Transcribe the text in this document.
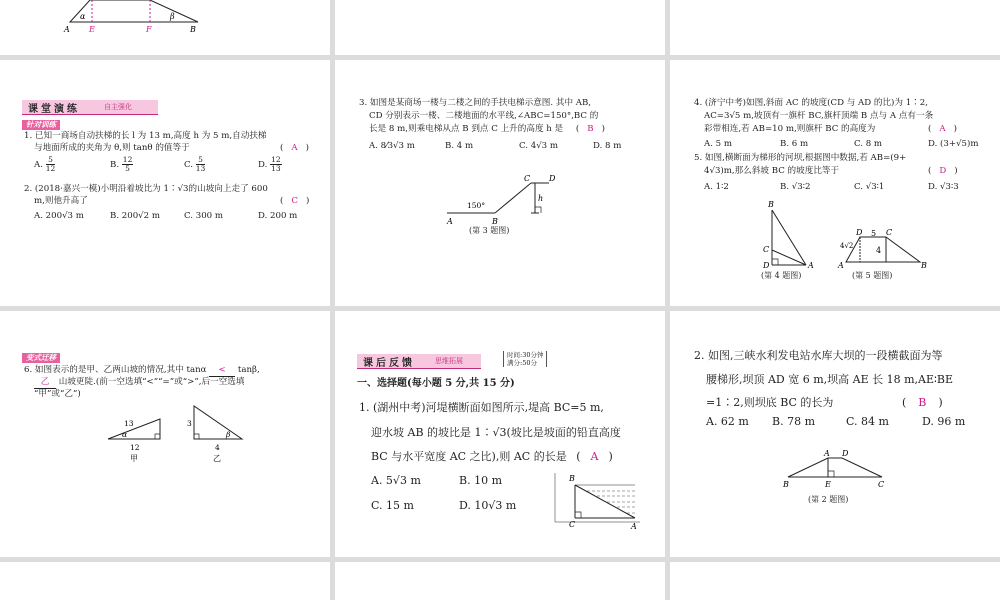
α	β
A E	F	B
课堂演练	自主强化
针对训练
1. 已知一商场自动扶梯的长 l 为 13 m,高度 h 为 5 m,自动扶梯
与地面所成的夹角为 θ,则 tanθ 的值等于	( A )
A. $\frac{5}{12}$	B. $\frac{12}{5}$	C. $\frac{5}{13}$	D. $\frac{12}{13}$
2. (2018·嘉兴一模)小明沿着坡比为 1∶√3的山坡向上走了 600
m,则他升高了	( C )
A. 200√3 m	B. 200√2 m	C. 300 m	D. 200 m
3. 如图是某商场一楼与二楼之间的手扶电梯示意图. 其中 AB,
CD 分别表示一楼、二楼地面的水平线,∠ABC=150°,BC 的
长是 8 m,则乘电梯从点 B 到点 C 上升的高度 h 是 ( B )
A. 8⁄3√3 m	B. 4 m	C. 4√3 m	D. 8 m
150°
A	B
C D
h
(第 3 题图)
4. (济宁中考)如图,斜面 AC 的坡度(CD 与 AD 的比)为 1∶2,
AC=3√5 m,坡顶有一旗杆 BC,旗杆顶端 B 点与 A 点有一条
彩带相连,若 AB=10 m,则旗杆 BC 的高度为	( A )
A. 5 m	B. 6 m	C. 8 m	D. (3+√5)m
5. 如图,横断面为梯形的河坝,根据图中数据,若 AB=(9+
4√3)m,那么斜坡 BC 的坡度比等于	( D )
A. 1∶2	B. √3∶2	C. √3∶1	D. √3∶3
B
C
D	A
D 5 C
4√2	4
A	B
(第 4 题图)	(第 5 题图)
变式迁移
6. 如图表示的是甲、乙两山坡的情况,其中 tanα < tanβ,
乙 山坡更陡.(前一空选填“<”“=”或“>”,后一空选填
“甲”或“乙”)
13
α
12
甲
3
β
4
乙
课后反馈	思维拓展
时间:30分钟
满分:50分
一、选择题(每小题 5 分,共 15 分)
1. (湖州中考)河堤横断面如图所示,堤高 BC=5 m,
迎水坡 AB 的坡比是 1∶√3(坡比是坡面的铅直高度
BC 与水平宽度 AC 之比),则 AC 的长是 ( A )
A. 5√3 m	B. 10 m
C. 15 m	D. 10√3 m
B
C	A
2. 如图,三峡水利发电站水库大坝的一段横截面为等
腰梯形,坝顶 AD 宽 6 m,坝高 AE 长 18 m,AE∶BE
=1∶2,则坝底 BC 的长为	( B )
A. 62 m B. 78 m	C. 84 m	D. 96 m
A D
B	E	C
(第 2 题图)
